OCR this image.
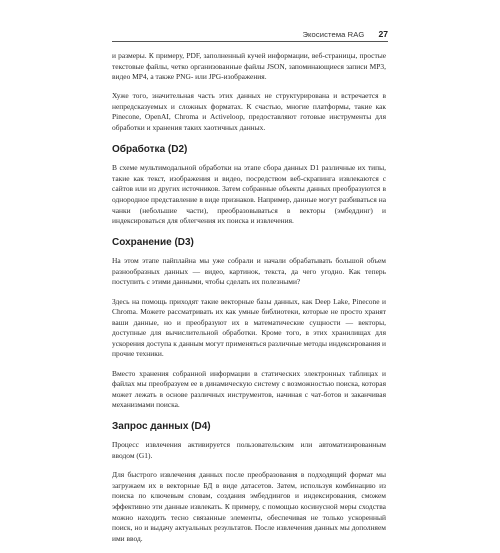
Экосистема RAG 27

и размеры. К примеру, PDF, заполненный кучей информации, веб-страницы, простые текстовые файлы, четко организованные файлы JSON, запоминающиеся записи MP3, видео MP4, а также PNG- или JPG-изображения.

Хуже того, значительная часть этих данных не структурирована и встречается в непредсказуемых и сложных форматах. К счастью, многие платформы, такие как Pinecone, OpenAI, Chroma и Activeloop, предоставляют готовые инструменты для обработки и хранения таких хаотичных данных.

Обработка (D2)

В схеме мультимодальной обработки на этапе сбора данных D1 различные их типы, такие как текст, изображения и видео, посредством веб-скрапинга извлекаются с сайтов или из других источников. Затем собранные объекты данных преобразуются в однородное представление в виде признаков. Например, данные могут разбиваться на чанки (небольшие части), преобразовываться в векторы (эмбеддинг) и индексироваться для облегчения их поиска и извлечения.

Сохранение (D3)

На этом этапе пайплайна мы уже собрали и начали обрабатывать большой объем разнообразных данных — видео, картинок, текста, да чего угодно. Как теперь поступить с этими данными, чтобы сделать их полезными?

Здесь на помощь приходят такие векторные базы данных, как Deep Lake, Pinecone и Chroma. Можете рассматривать их как умные библиотеки, которые не просто хранят ваши данные, но и преобразуют их в математические сущности — векторы, доступные для вычислительной обработки. Кроме того, в этих хранилищах для ускорения доступа к данным могут применяться различные методы индексирования и прочие техники.

Вместо хранения собранной информации в статических электронных таблицах и файлах мы преобразуем ее в динамическую систему с возможностью поиска, которая может лежать в основе различных инструментов, начиная с чат-ботов и заканчивая механизмами поиска.

Запрос данных (D4)

Процесс извлечения активируется пользовательским или автоматизированным вводом (G1).

Для быстрого извлечения данных после преобразования в подходящий формат мы загружаем их в векторные БД в виде датасетов. Затем, используя комбинацию из поиска по ключевым словам, создания эмбеддингов и индексирования, сможем эффективно эти данные извлекать. К примеру, с помощью косинусной меры сходства можно находить тесно связанные элементы, обеспечивая не только ускоренный поиск, но и выдачу актуальных результатов. После извлечения данных мы дополняем ими ввод.
